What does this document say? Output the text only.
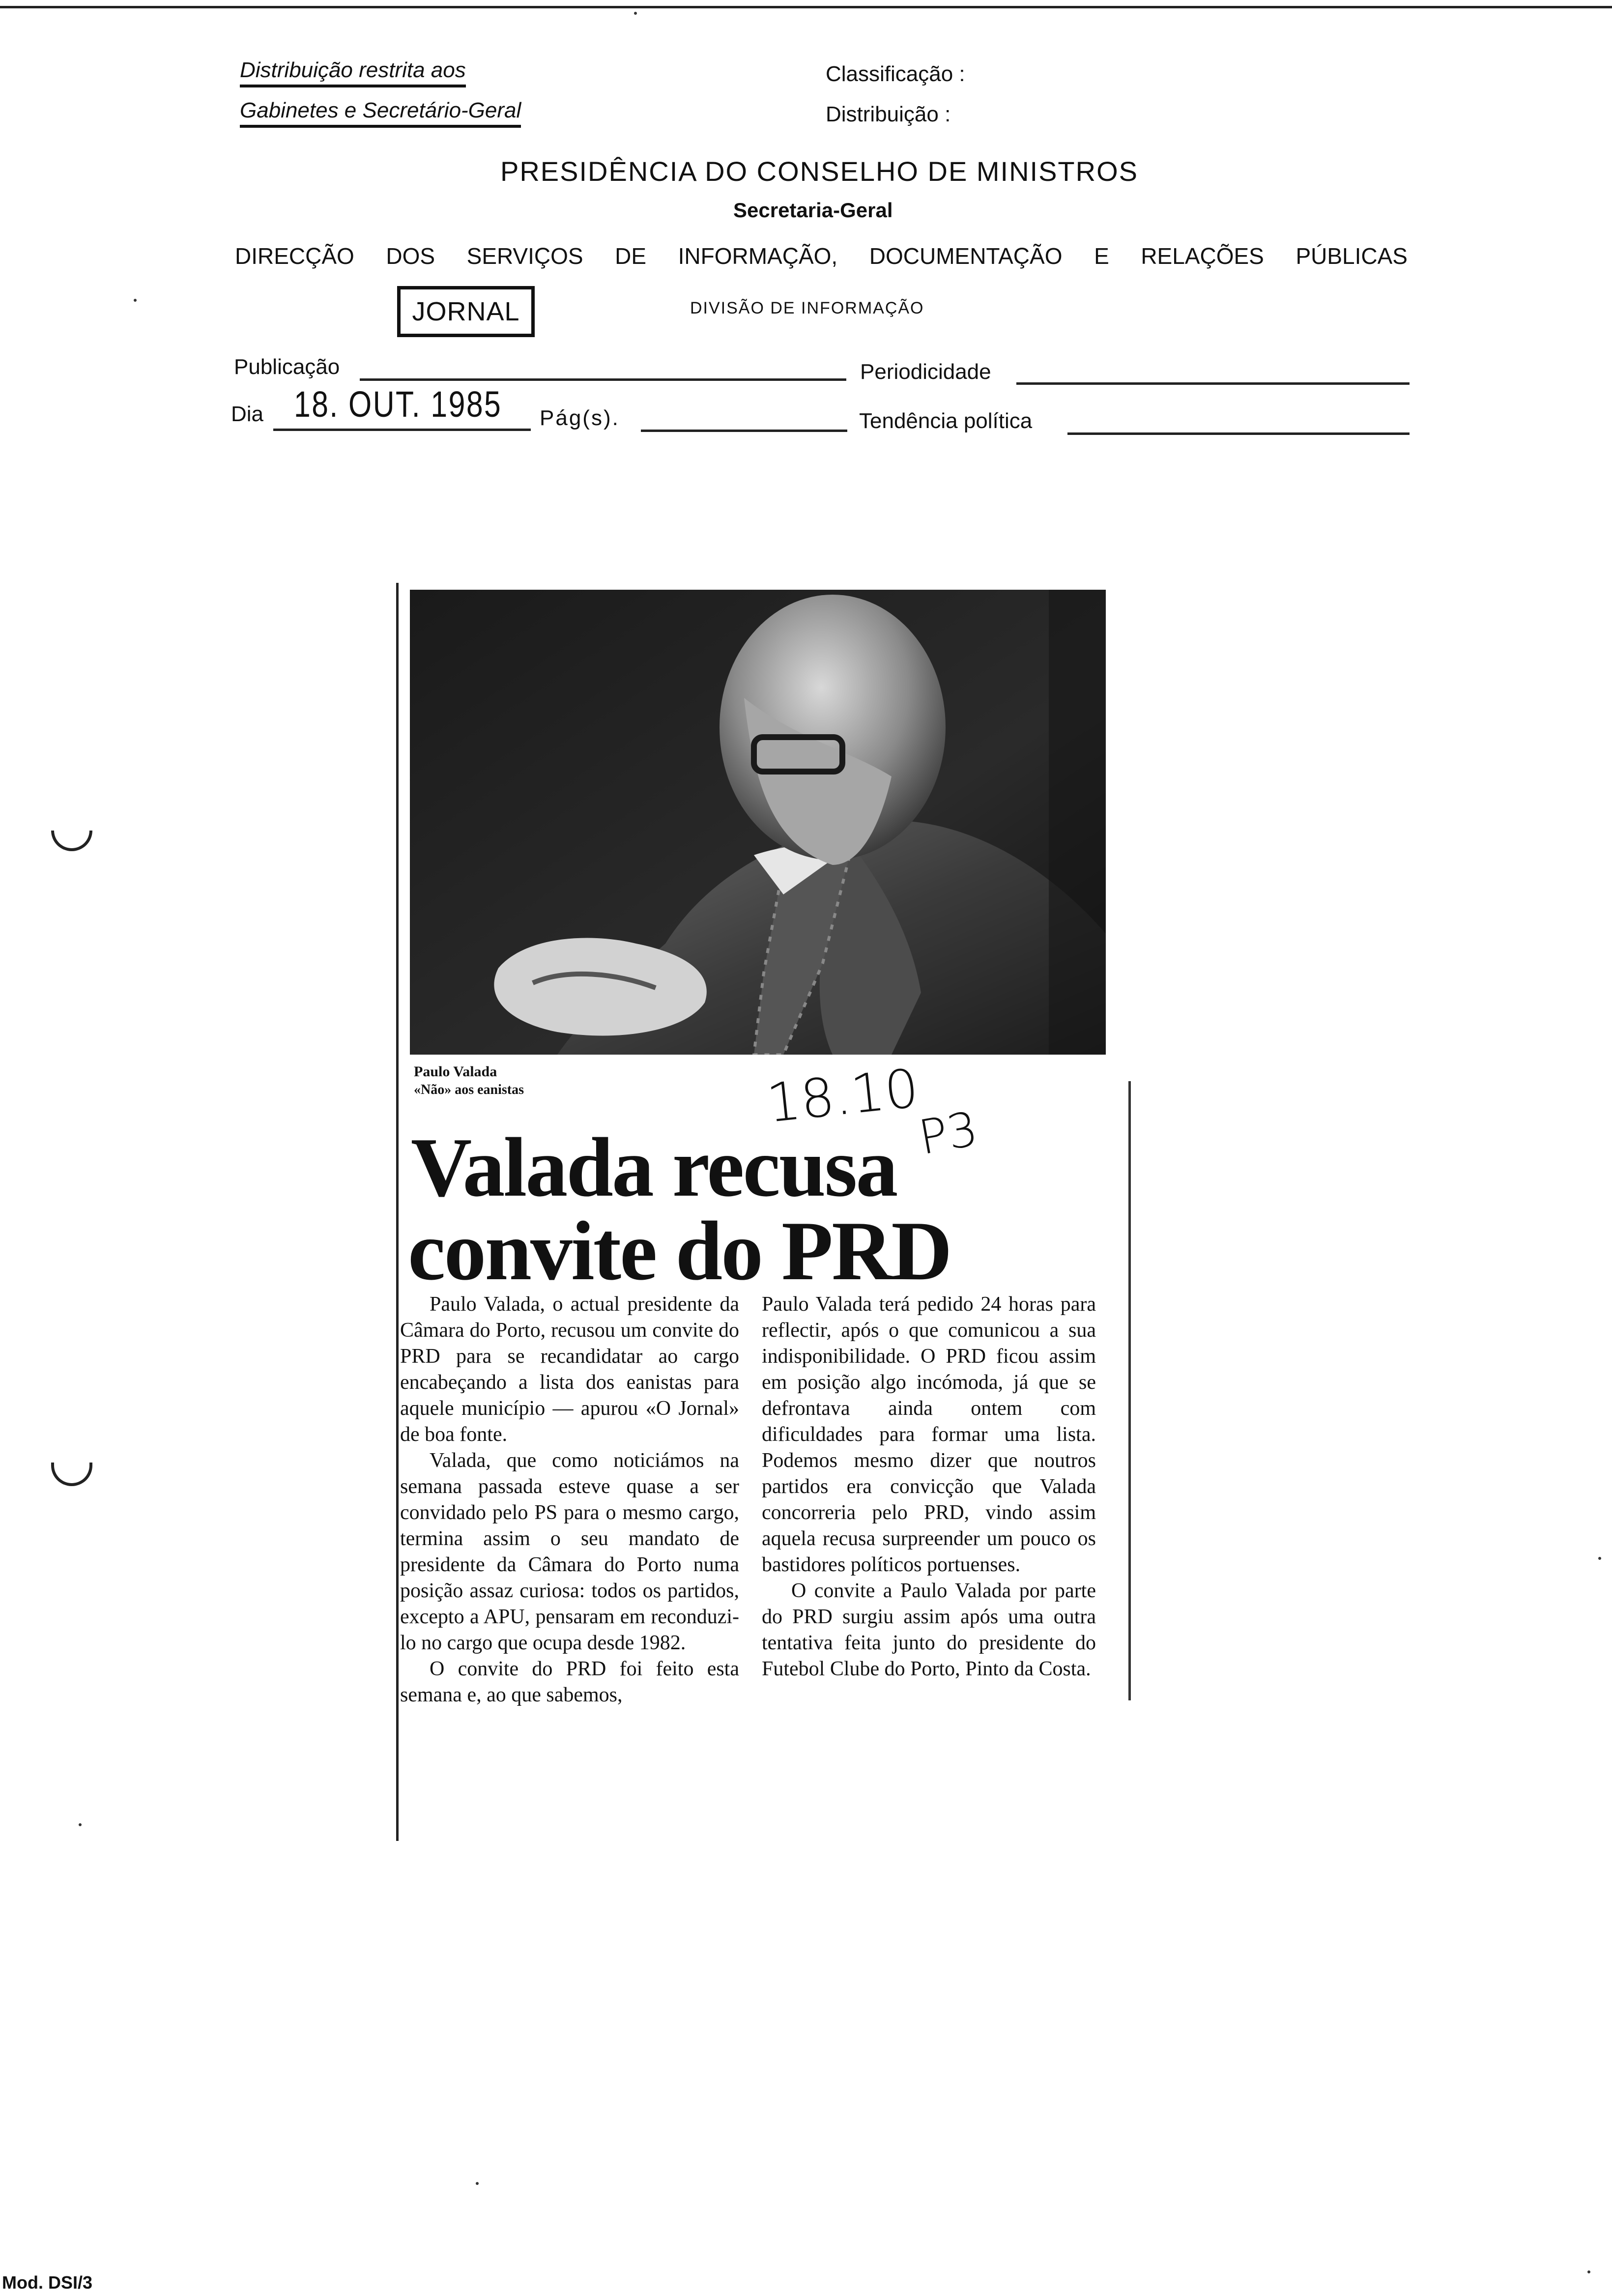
Distribuição restrita aos
Gabinetes e Secretário-Geral
Classificação :
Distribuição :
PRESIDÊNCIA DO CONSELHO DE MINISTROS
Secretaria-Geral
DIRECÇÃO DOS SERVIÇOS DE INFORMAÇÃO, DOCUMENTAÇÃO E RELAÇÕES PÚBLICAS
JORNAL	DIVISÃO DE INFORMAÇÃO
Publicação	Periodicidade
Dia 18. OUT. 1985 Pág(s).	Tendência política
Paulo Valada
«Não» aos eanistas	18.10
P3
Valada recusa
convite do PRD

Paulo Valada, o actual presidente da Câmara do Porto, recusou um convite do PRD para se recandidatar ao cargo encabeçando a lista dos eanistas para aquele município — apurou «O Jornal» de boa fonte.

Valada, que como noticiámos na semana passada esteve quase a ser convidado pelo PS para o mesmo cargo, termina assim o seu mandato de presidente da Câmara do Porto numa posição assaz curiosa: todos os partidos, excepto a APU, pensaram em reconduzi-lo no cargo que ocupa desde 1982.

O convite do PRD foi feito esta semana e, ao que sabemos,

Paulo Valada terá pedido 24 horas para reflectir, após o que comunicou a sua indisponibilidade. O PRD ficou assim em posição algo incómoda, já que se defrontava ainda ontem com dificuldades para formar uma lista. Podemos mesmo dizer que noutros partidos era convicção que Valada concorreria pelo PRD, vindo assim aquela recusa surpreender um pouco os bastidores políticos portuenses.

O convite a Paulo Valada por parte do PRD surgiu assim após uma outra tentativa feita junto do presidente do Futebol Clube do Porto, Pinto da Costa.

Mod. DSI/3
